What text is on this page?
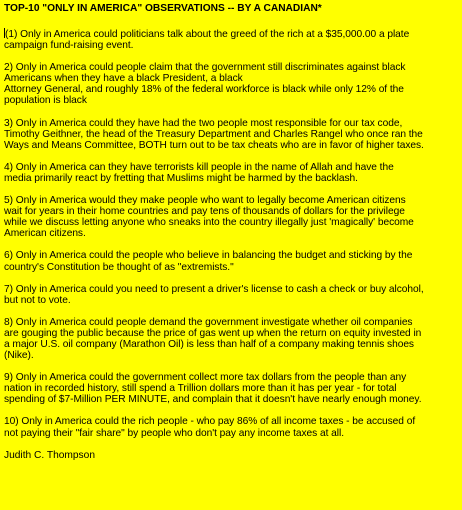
TOP-10 "ONLY IN AMERICA" OBSERVATIONS -- BY A CANADIAN*
(1) Only in America could politicians talk about the greed of the rich at a $35,000.00 a plate
campaign fund-raising event.
2) Only in America could people claim that the government still discriminates against black
Americans when they have a black President, a black
Attorney General, and roughly 18% of the federal workforce is black while only 12% of the
population is black
3) Only in America could they have had the two people most responsible for our tax code,
Timothy Geithner, the head of the Treasury Department and Charles Rangel who once ran the
Ways and Means Committee, BOTH turn out to be tax cheats who are in favor of higher taxes.
4) Only in America can they have terrorists kill people in the name of Allah and have the
media primarily react by fretting that Muslims might be harmed by the backlash.
5) Only in America would they make people who want to legally become American citizens
wait for years in their home countries and pay tens of thousands of dollars for the privilege
while we discuss letting anyone who sneaks into the country illegally just 'magically' become
American citizens.
6) Only in America could the people who believe in balancing the budget and sticking by the
country's Constitution be thought of as "extremists."
7) Only in America could you need to present a driver's license to cash a check or buy alcohol,
but not to vote.
8) Only in America could people demand the government investigate whether oil companies
are gouging the public because the price of gas went up when the return on equity invested in
a major U.S. oil company (Marathon Oil) is less than half of a company making tennis shoes
(Nike).
9) Only in America could the government collect more tax dollars from the people than any
nation in recorded history, still spend a Trillion dollars more than it has per year - for total
spending of $7-Million PER MINUTE, and complain that it doesn't have nearly enough money.
10) Only in America could the rich people - who pay 86% of all income taxes - be accused of
not paying their "fair share" by people who don't pay any income taxes at all.
Judith C. Thompson
